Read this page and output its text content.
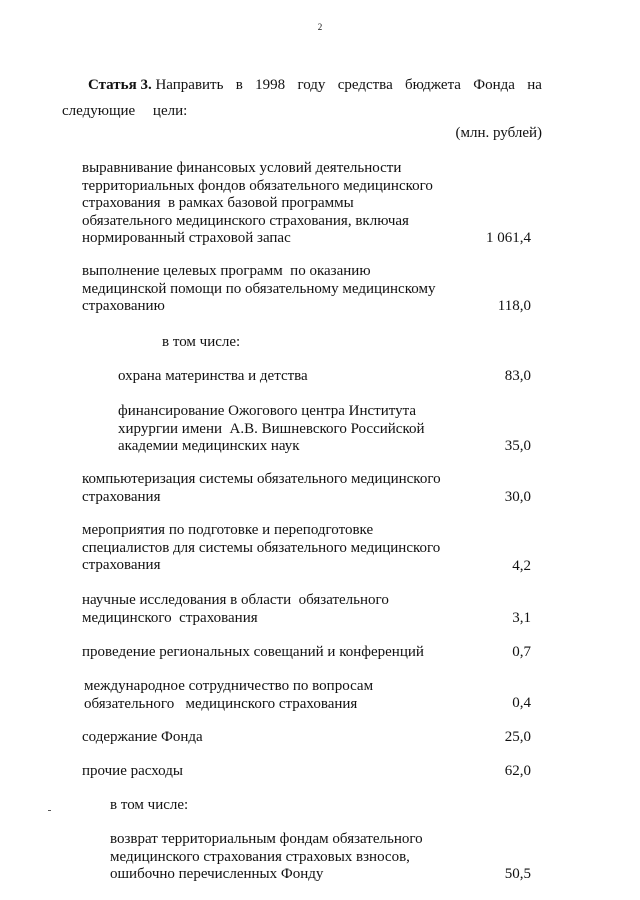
2
Статья 3. Направить в 1998 году средства бюджета Фонда на
следующие цели:
(млн. рублей)
выравнивание финансовых условий деятельности
территориальных фондов обязательного медицинского
страхования  в рамках базовой программы
обязательного медицинского страхования, включая
нормированный страховой запас	1 061,4
выполнение целевых программ  по оказанию
медицинской помощи по обязательному медицинскому
страхованию	118,0
в том числе:
охрана материнства и детства	83,0
финансирование Ожогового центра Института
хирургии имени  А.В. Вишневского Российской
академии медицинских наук	35,0
компьютеризация системы обязательного медицинского
страхования	30,0
мероприятия по подготовке и переподготовке
специалистов для системы обязательного медицинского
страхования	4,2
научные исследования в области  обязательного
медицинского  страхования	3,1
проведение региональных совещаний и конференций	0,7
международное сотрудничество по вопросам
обязательного   медицинского страхования	0,4
содержание Фонда	25,0
прочие расходы	62,0
в том числе:
возврат территориальным фондам обязательного
медицинского страхования страховых взносов,
ошибочно перечисленных Фонду	50,5
